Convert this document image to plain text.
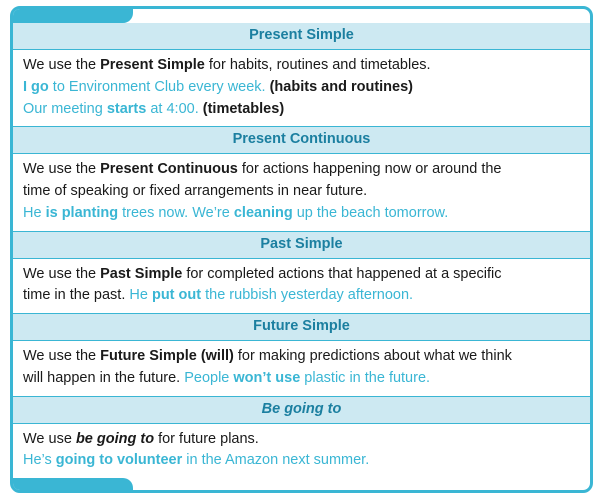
Present Simple
We use the Present Simple for habits, routines and timetables.
I go to Environment Club every week. (habits and routines)
Our meeting starts at 4:00. (timetables)
Present Continuous
We use the Present Continuous for actions happening now or around the
time of speaking or fixed arrangements in near future.
He is planting trees now. We’re cleaning up the beach tomorrow.
Past Simple
We use the Past Simple for completed actions that happened at a specific
time in the past. He put out the rubbish yesterday afternoon.
Future Simple
We use the Future Simple (will) for making predictions about what we think
will happen in the future. People won’t use plastic in the future.
Be going to
We use be going to for future plans.
He’s going to volunteer in the Amazon next summer.
